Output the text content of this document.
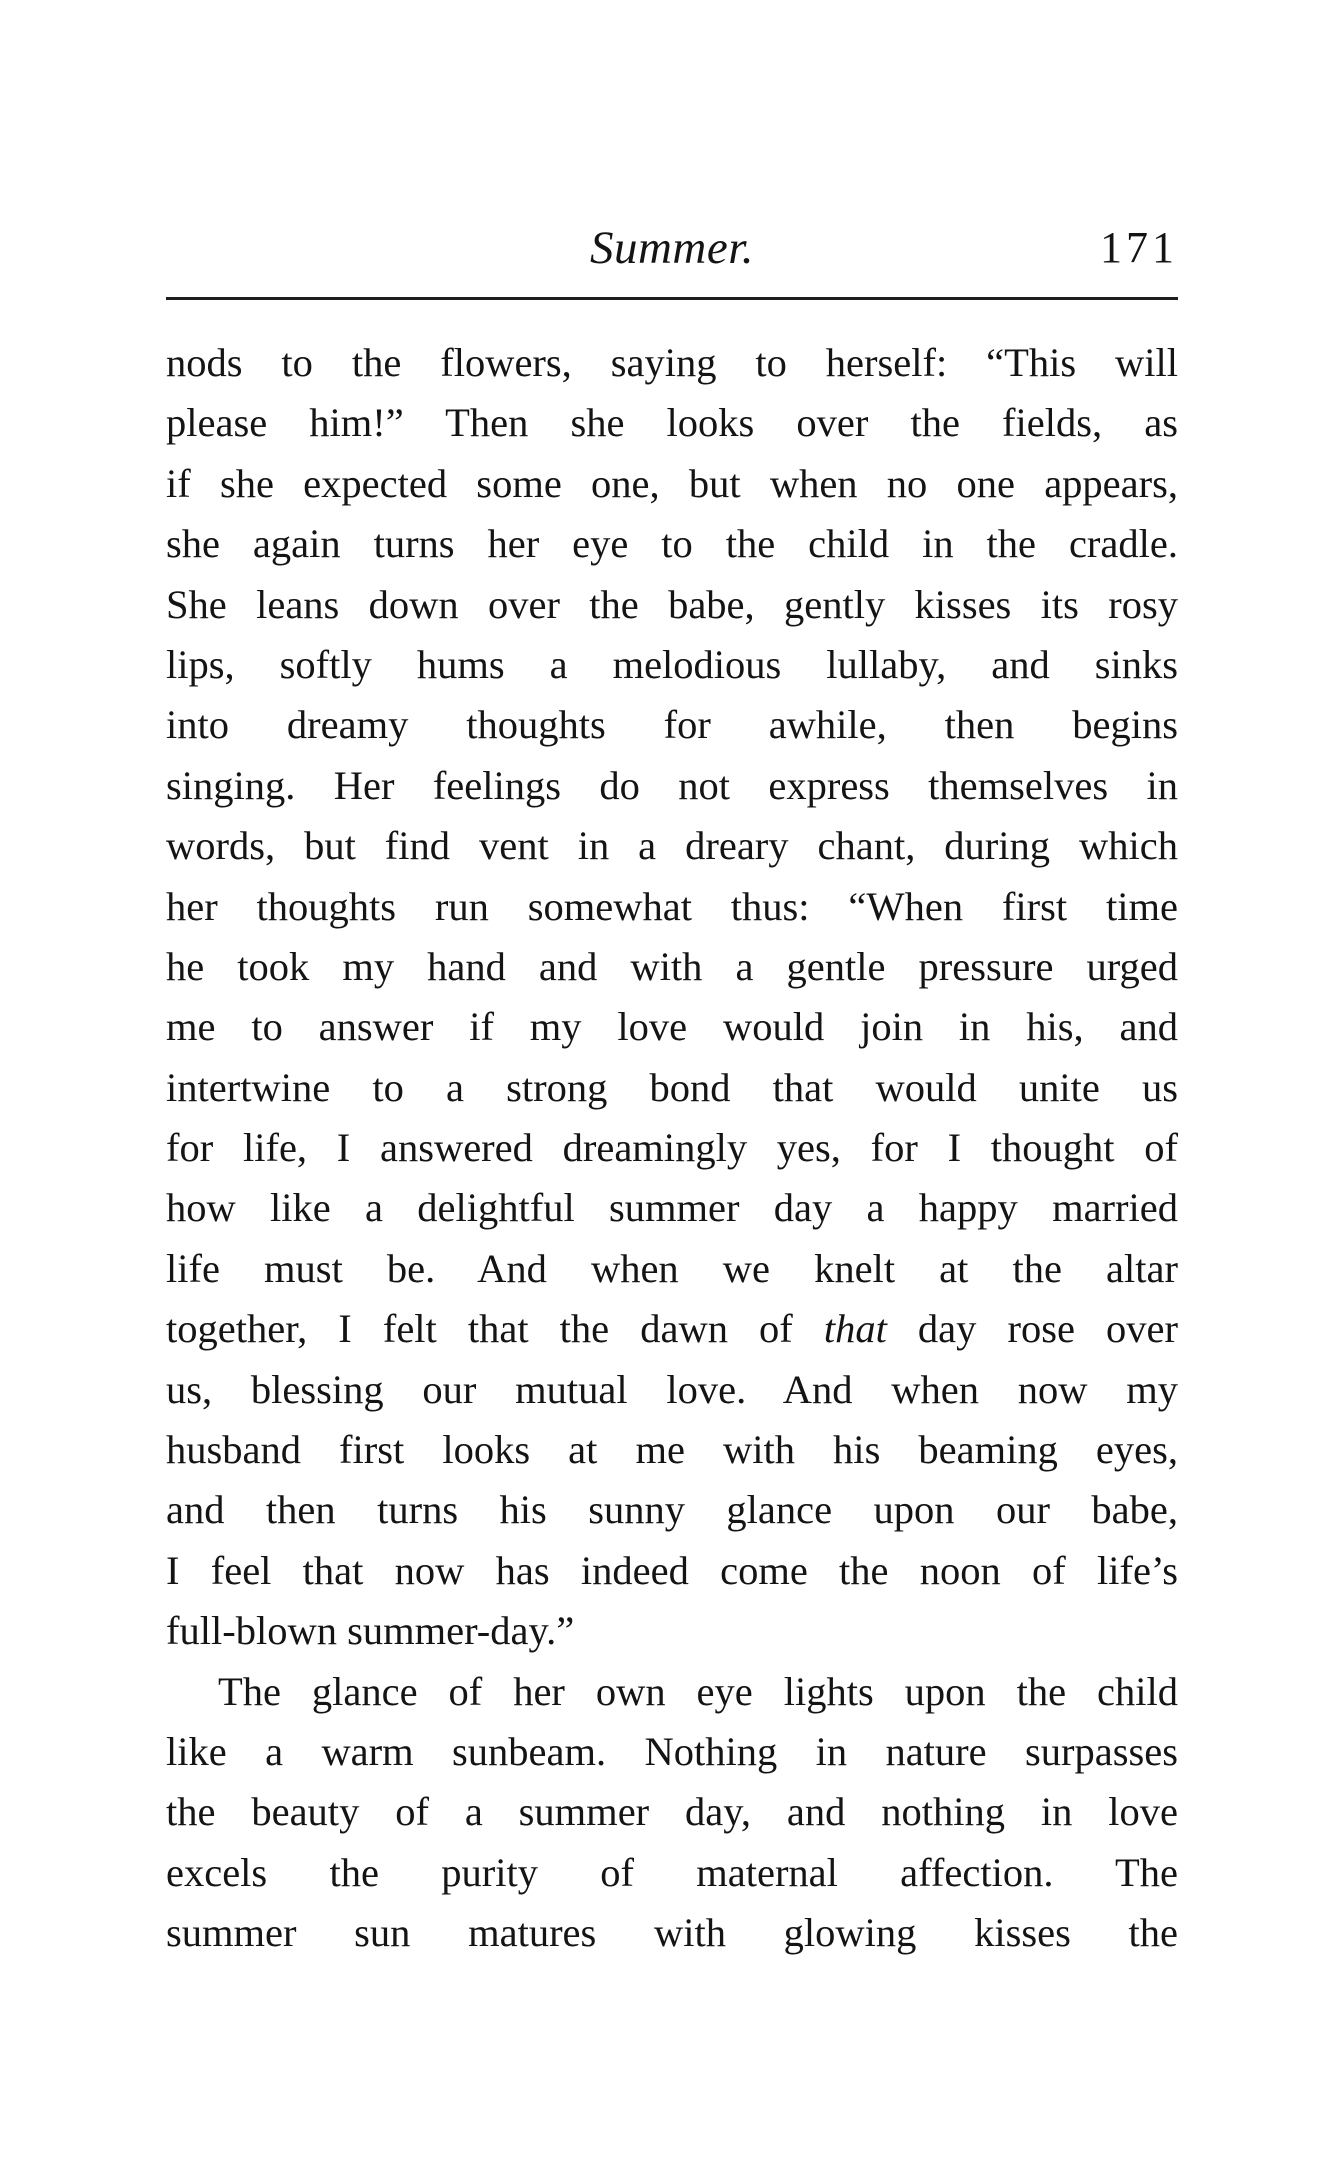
Summer.	171
nods to the flowers, saying to herself: “This will
please him!” Then she looks over the fields, as
if she expected some one, but when no one appears,
she again turns her eye to the child in the cradle.
She leans down over the babe, gently kisses its rosy
lips, softly hums a melodious lullaby, and sinks
into dreamy thoughts for awhile, then begins
singing. Her feelings do not express themselves in
words, but find vent in a dreary chant, during which
her thoughts run somewhat thus: “When first time
he took my hand and with a gentle pressure urged
me to answer if my love would join in his, and
intertwine to a strong bond that would unite us
for life, I answered dreamingly yes, for I thought of
how like a delightful summer day a happy married
life must be. And when we knelt at the altar
together, I felt that the dawn of that day rose over
us, blessing our mutual love. And when now my
husband first looks at me with his beaming eyes,
and then turns his sunny glance upon our babe,
I feel that now has indeed come the noon of life’s
full-blown summer-day.”
The glance of her own eye lights upon the child
like a warm sunbeam. Nothing in nature surpasses
the beauty of a summer day, and nothing in love
excels the purity of maternal affection. The
summer sun matures with glowing kisses the
